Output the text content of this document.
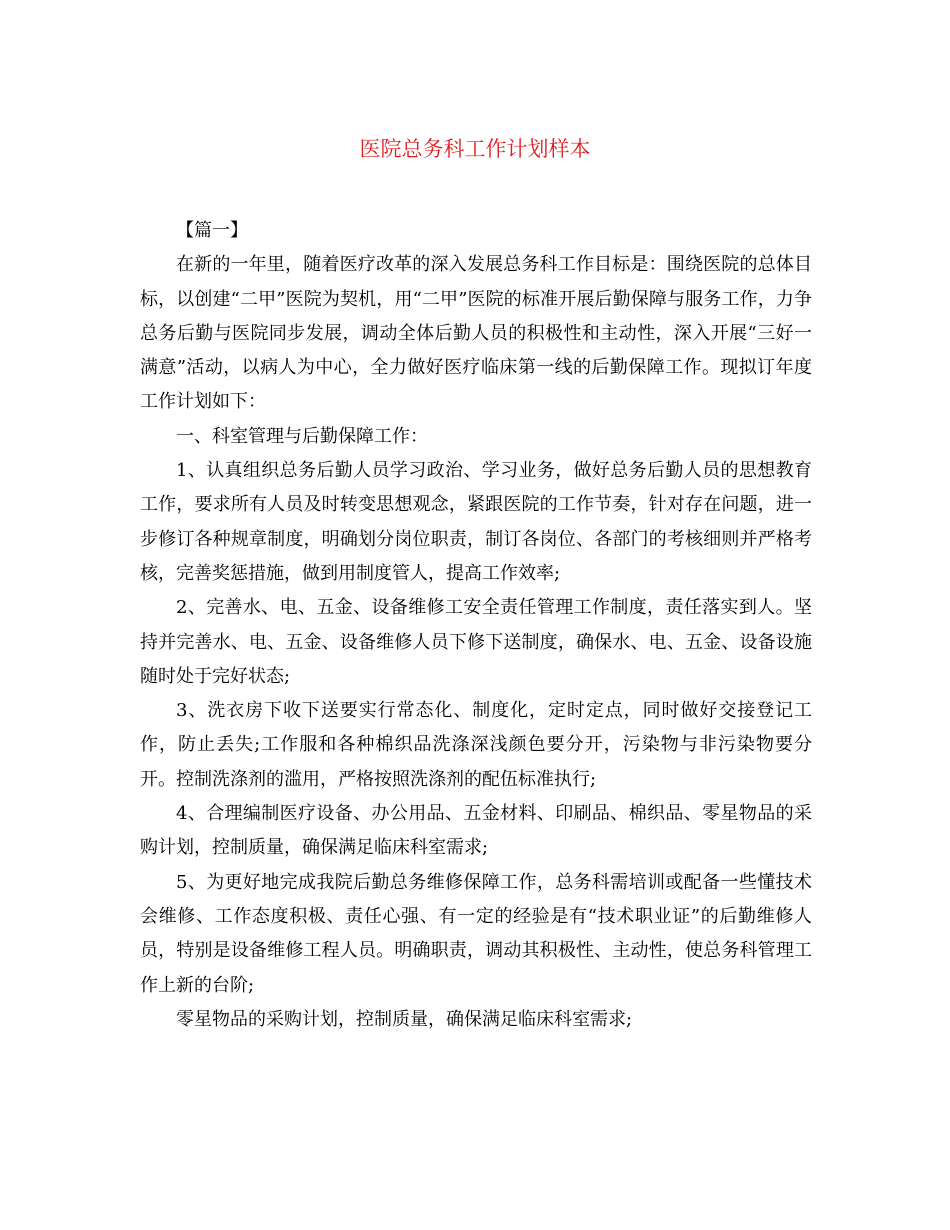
医院总务科工作计划样本

【篇一】

在新的一年里，随着医疗改革的深入发展总务科工作目标是：围绕医院的总体目标，以创建“二甲”医院为契机，用“二甲”医院的标准开展后勤保障与服务工作，力争总务后勤与医院同步发展，调动全体后勤人员的积极性和主动性，深入开展“三好一满意”活动，以病人为中心，全力做好医疗临床第一线的后勤保障工作。现拟订年度工作计划如下：

一、科室管理与后勤保障工作：

1、认真组织总务后勤人员学习政治、学习业务，做好总务后勤人员的思想教育工作，要求所有人员及时转变思想观念，紧跟医院的工作节奏，针对存在问题，进一步修订各种规章制度，明确划分岗位职责，制订各岗位、各部门的考核细则并严格考核，完善奖惩措施，做到用制度管人，提高工作效率;

2、完善水、电、五金、设备维修工安全责任管理工作制度，责任落实到人。坚持并完善水、电、五金、设备维修人员下修下送制度，确保水、电、五金、设备设施随时处于完好状态;

3、洗衣房下收下送要实行常态化、制度化，定时定点，同时做好交接登记工作，防止丢失;工作服和各种棉织品洗涤深浅颜色要分开，污染物与非污染物要分开。控制洗涤剂的滥用，严格按照洗涤剂的配伍标准执行;

4、合理编制医疗设备、办公用品、五金材料、印刷品、棉织品、零星物品的采购计划，控制质量，确保满足临床科室需求;

5、为更好地完成我院后勤总务维修保障工作，总务科需培训或配备一些懂技术会维修、工作态度积极、责任心强、有一定的经验是有“技术职业证”的后勤维修人员，特别是设备维修工程人员。明确职责，调动其积极性、主动性，使总务科管理工作上新的台阶;

零星物品的采购计划，控制质量，确保满足临床科室需求;
